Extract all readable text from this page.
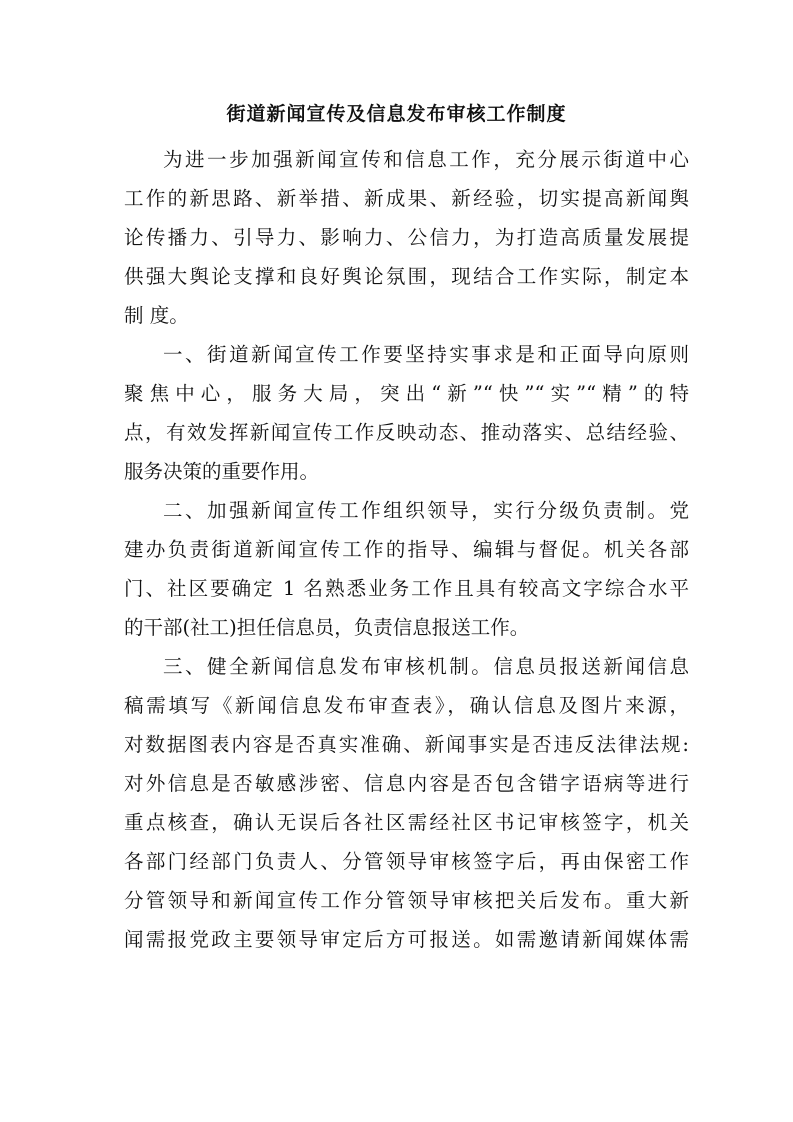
街道新闻宣传及信息发布审核工作制度
为进一步加强新闻宣传和信息工作，充分展示街道中心
工作的新思路、新举措、新成果、新经验，切实提高新闻舆
论传播力、引导力、影响力、公信力，为打造高质量发展提
供强大舆论支撑和良好舆论氛围，现结合工作实际，制定本
制 度。
一、街道新闻宣传工作要坚持实事求是和正面导向原则
聚焦中心，服务大局，突出“新”“快”“实”“精”的特
点，有效发挥新闻宣传工作反映动态、推动落实、总结经验、
服务决策的重要作用。
二、加强新闻宣传工作组织领导，实行分级负责制。党
建办负责街道新闻宣传工作的指导、编辑与督促。机关各部
门、社区要确定 1 名熟悉业务工作且具有较高文字综合水平
的干部(社工)担任信息员，负责信息报送工作。
三、健全新闻信息发布审核机制。信息员报送新闻信息
稿需填写《新闻信息发布审查表》，确认信息及图片来源，
对数据图表内容是否真实准确、新闻事实是否违反法律法规:
对外信息是否敏感涉密、信息内容是否包含错字语病等进行
重点核查，确认无误后各社区需经社区书记审核签字，机关
各部门经部门负责人、分管领导审核签字后，再由保密工作
分管领导和新闻宣传工作分管领导审核把关后发布。重大新
闻需报党政主要领导审定后方可报送。如需邀请新闻媒体需
